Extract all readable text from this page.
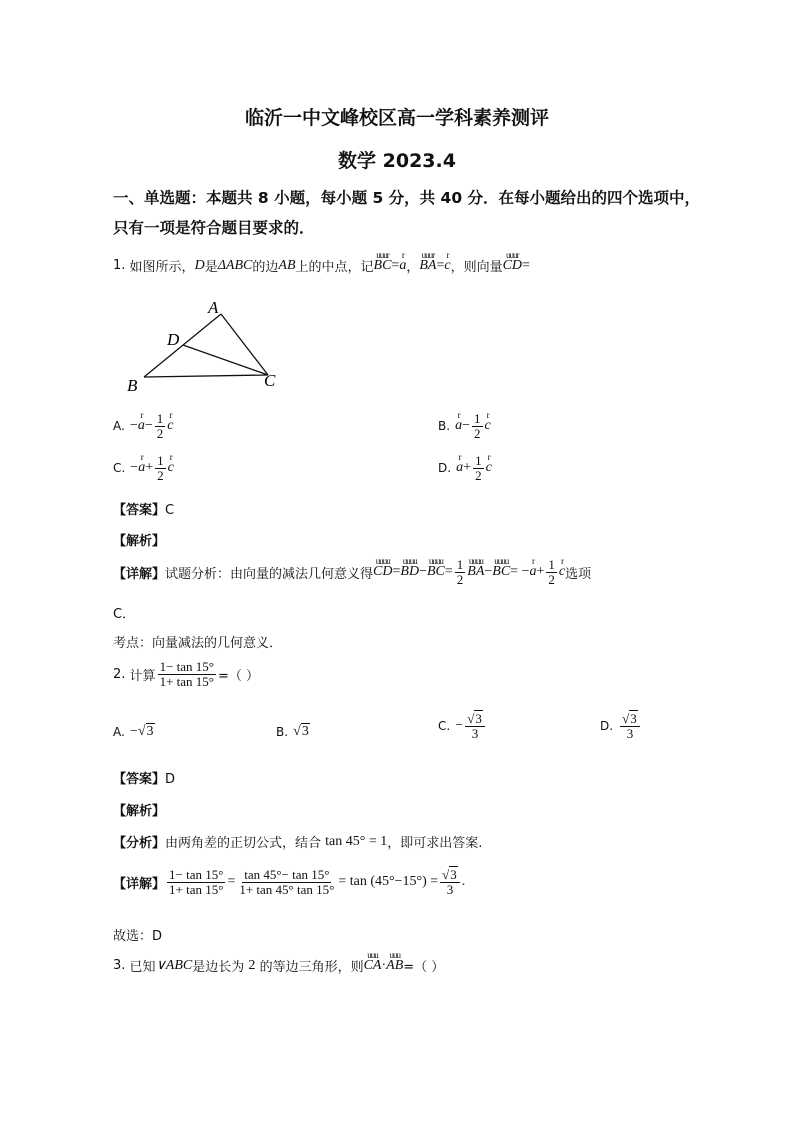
临沂一中文峰校区高一学科素养测评
数学 2023.4
一、单选题：本题共 8 小题，每小题 5 分，共 40 分．在每小题给出的四个选项中，
只有一项是符合题目要求的．
1.
如图所示， D 是 ΔABC 的边 AB 上的中点，记
uuur
BC =
r
a ，
uuur
BA =
r
c ，则向量
uuur
CD =
A
D
B	C
A.
−
r
$a - \frac{1}{2}$ r
c	B.

r
$a - \frac{1}{2}$ r
c
C.
−
r
$a + \frac{1}{2}$ r
c	D.

r
$a + \frac{1}{2}$ r
c
【答案】C
【解析】
【详解】 试题分析：由向量的减法几何意义得
uuuu
CD =
uuuu
BD −
uuuu
BC = $\frac{1}{2}$ uuuu
BA −
uuuu
BC = −
r
$a + \frac{1}{2}$ r
c 选项
C．
考点：向量减法的几何意义．
2.
计算 $\frac{1- \tan 15^\circ}{1+ \tan 15^\circ}$ =（ ）
A.
− √ 3	B.
√ 3	C.
− $\frac{√3}{3}$	D.
$\frac{√3}{3}$
【答案】D
【解析】
【分析】 由两角差的正切公式，结合
tan 45° = 1 ，即可求出答案.
【详解】 $\frac{1- \tan 15^\circ}{1+ \tan 15^\circ} = \frac{\tan 45^\circ- \tan 15^\circ}{1+ \tan 45^\circ \tan 15^\circ} = \tan (45^\circ-15^\circ) = \frac{√3}{3}$ .
故选：D
3.
已知 ∨ABC 是边长为
2
的等边三角形，则
uuu
CA ·
uuu
AB =（ ）
